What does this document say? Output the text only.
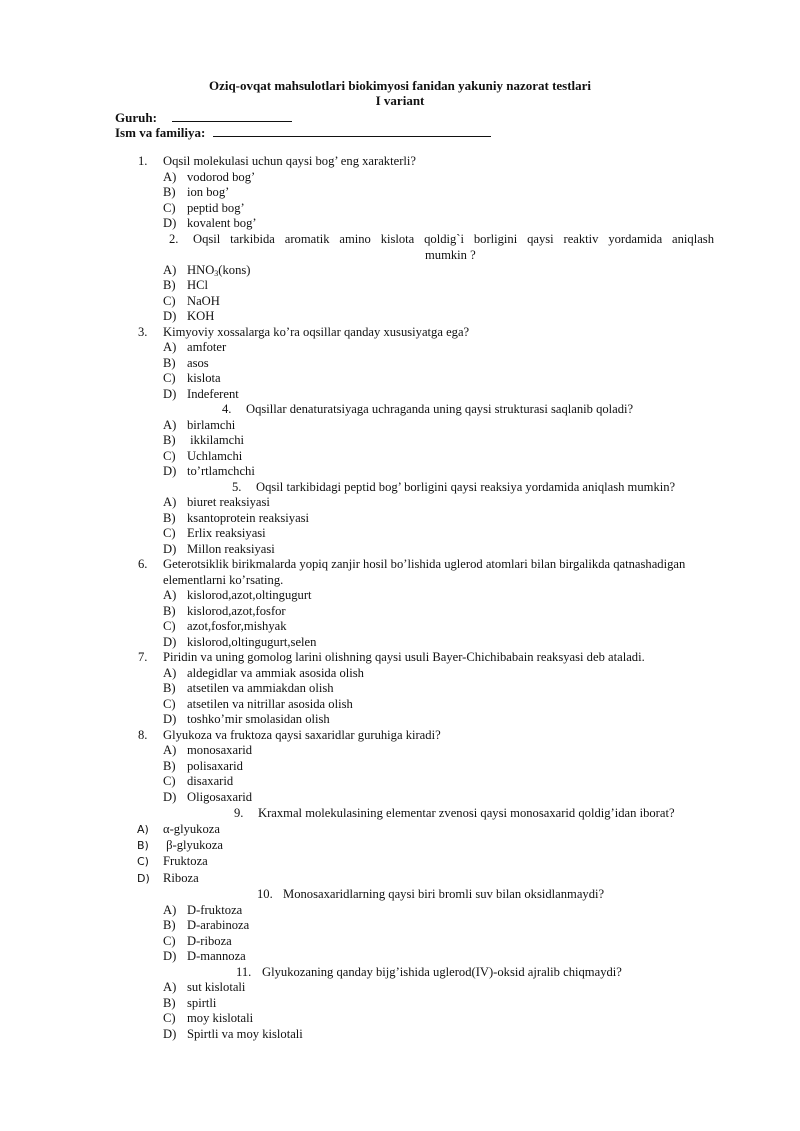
Oziq-ovqat mahsulotlari biokimyosi fanidan yakuniy nazorat testlari
I variant
Guruh:
Ism va familiya:
1. Oqsil molekulasi uchun qaysi bog’ eng xarakterli?
A) vodorod bog’
B) ion bog’
C) peptid bog’
D) kovalent bog’
2. Oqsil tarkibida aromatik amino kislota qoldig`i borligini qaysi reaktiv yordamida aniqlash
mumkin ?
A) $HNO_3(kons)$
B) HCl
C) NaOH
D) KOH
3. Kimyoviy xossalarga ko’ra oqsillar qanday xususiyatga ega?
A) amfoter
B) asos
C) kislota
D) Indeferent
4. Oqsillar denaturatsiyaga uchraganda uning qaysi strukturasi saqlanib qoladi?
A) birlamchi
B) ikkilamchi
C) Uchlamchi
D) to’rtlamchchi
5. Oqsil tarkibidagi peptid bog’ borligini qaysi reaksiya yordamida aniqlash mumkin?
A) biuret reaksiyasi
B) ksantoprotein reaksiyasi
C) Erlix reaksiyasi
D) Millon reaksiyasi
6. Geterotsiklik birikmalarda yopiq zanjir hosil bo’lishida uglerod atomlari bilan birgalikda qatnashadigan
elementlarni ko’rsating.
A) kislorod,azot,oltingugurt
B) kislorod,azot,fosfor
C) azot,fosfor,mishyak
D) kislorod,oltingugurt,selen
7. Piridin va uning gomolog larini olishning qaysi usuli Bayer-Chichibabain reaksyasi deb ataladi.
A) aldegidlar va ammiak asosida olish
B) atsetilen va ammiakdan olish
C) atsetilen va nitrillar asosida olish
D) toshko’mir smolasidan olish
8. Glyukoza va fruktoza qaysi saxaridlar guruhiga kiradi?
A) monosaxarid
B) polisaxarid
C) disaxarid
D) Oligosaxarid
9. Kraxmal molekulasining elementar zvenosi qaysi monosaxarid qoldig’idan iborat?
A) α-glyukoza
B) β-glyukoza
C) Fruktoza
D) Riboza
10. Monosaxaridlarning qaysi biri bromli suv bilan oksidlanmaydi?
A) D-fruktoza
B) D-arabinoza
C) D-riboza
D) D-mannoza
11. Glyukozaning qanday bijg’ishida uglerod(IV)-oksid ajralib chiqmaydi?
A) sut kislotali
B) spirtli
C) moy kislotali
D) Spirtli va moy kislotali
